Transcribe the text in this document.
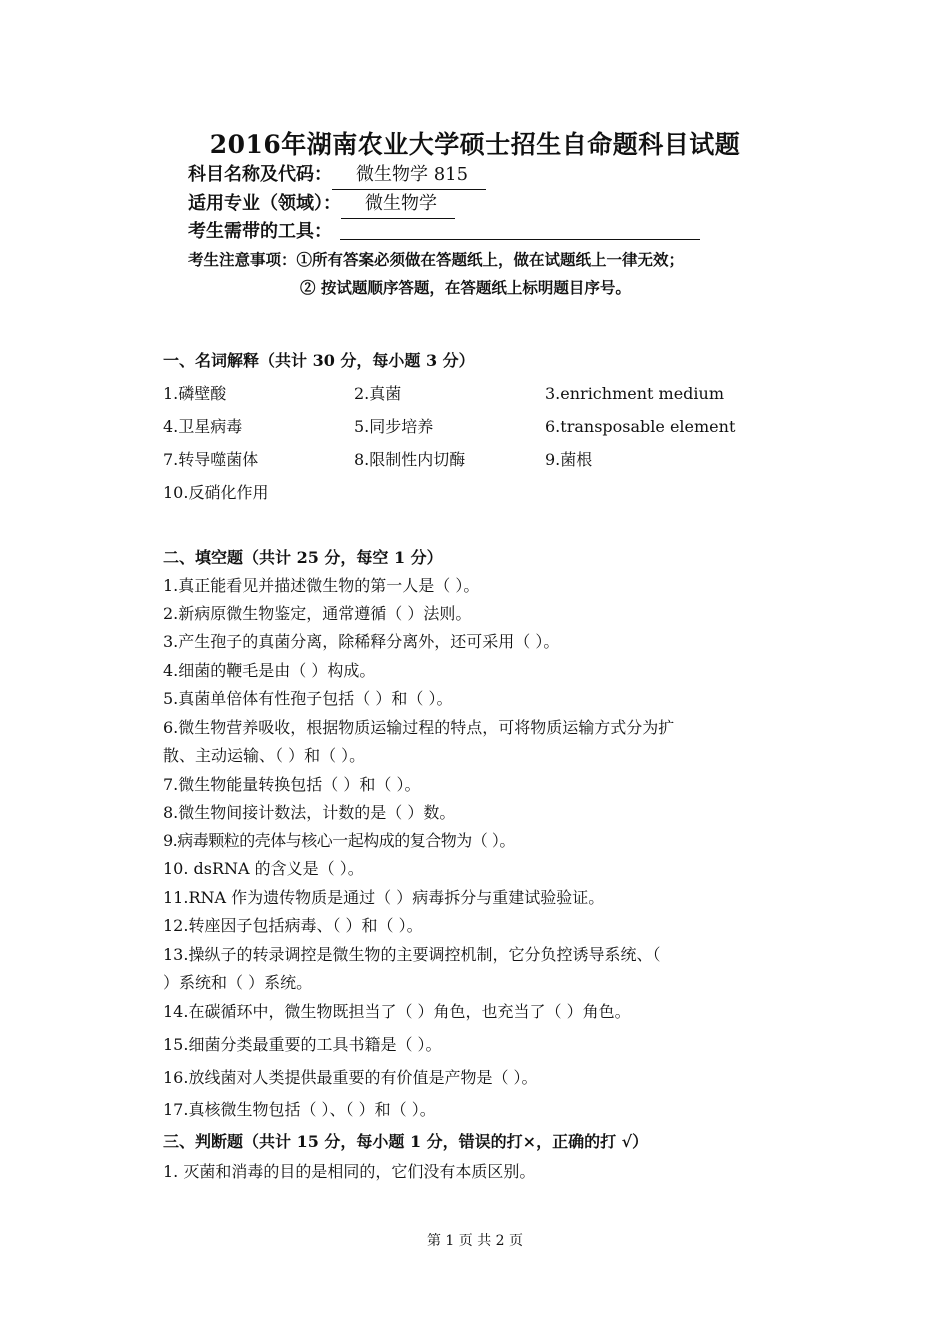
2016年湖南农业大学硕士招生自命题科目试题
科目名称及代码： 微生物学 815
适用专业（领域）： 微生物学
考生需带的工具：
考生注意事项：①所有答案必须做在答题纸上，做在试题纸上一律无效；
② 按试题顺序答题，在答题纸上标明题目序号。
一、名词解释（共计 30 分，每小题 3 分）
1.磷壁酸	2.真菌	3.enrichment medium
4.卫星病毒	5.同步培养	6.transposable element
7.转导噬菌体	8.限制性内切酶	9.菌根
10.反硝化作用
二、填空题（共计 25 分，每空 1 分）
1.真正能看见并描述微生物的第一人是（ ）。
2.新病原微生物鉴定，通常遵循（ ）法则。
3.产生孢子的真菌分离，除稀释分离外，还可采用（ ）。
4.细菌的鞭毛是由（ ）构成。
5.真菌单倍体有性孢子包括（ ）和（ ）。
6.微生物营养吸收，根据物质运输过程的特点，可将物质运输方式分为扩
散、主动运输、（ ）和（ ）。
7.微生物能量转换包括（ ）和（ ）。
8.微生物间接计数法，计数的是（ ）数。
9.病毒颗粒的壳体与核心一起构成的复合物为（ ）。
10. dsRNA 的含义是（ ）。
11.RNA 作为遗传物质是通过（ ）病毒拆分与重建试验验证。
12.转座因子包括病毒、（ ）和（ ）。
13.操纵子的转录调控是微生物的主要调控机制，它分负控诱导系统、（
）系统和（ ）系统。
14.在碳循环中，微生物既担当了（ ）角色，也充当了（ ）角色。
15.细菌分类最重要的工具书籍是（ ）。
16.放线菌对人类提供最重要的有价值是产物是（ ）。
17.真核微生物包括（ ）、（ ）和（ ）。
三、判断题（共计 15 分，每小题 1 分，错误的打×，正确的打 √）
1. 灭菌和消毒的目的是相同的，它们没有本质区别。
第 1 页 共 2 页
